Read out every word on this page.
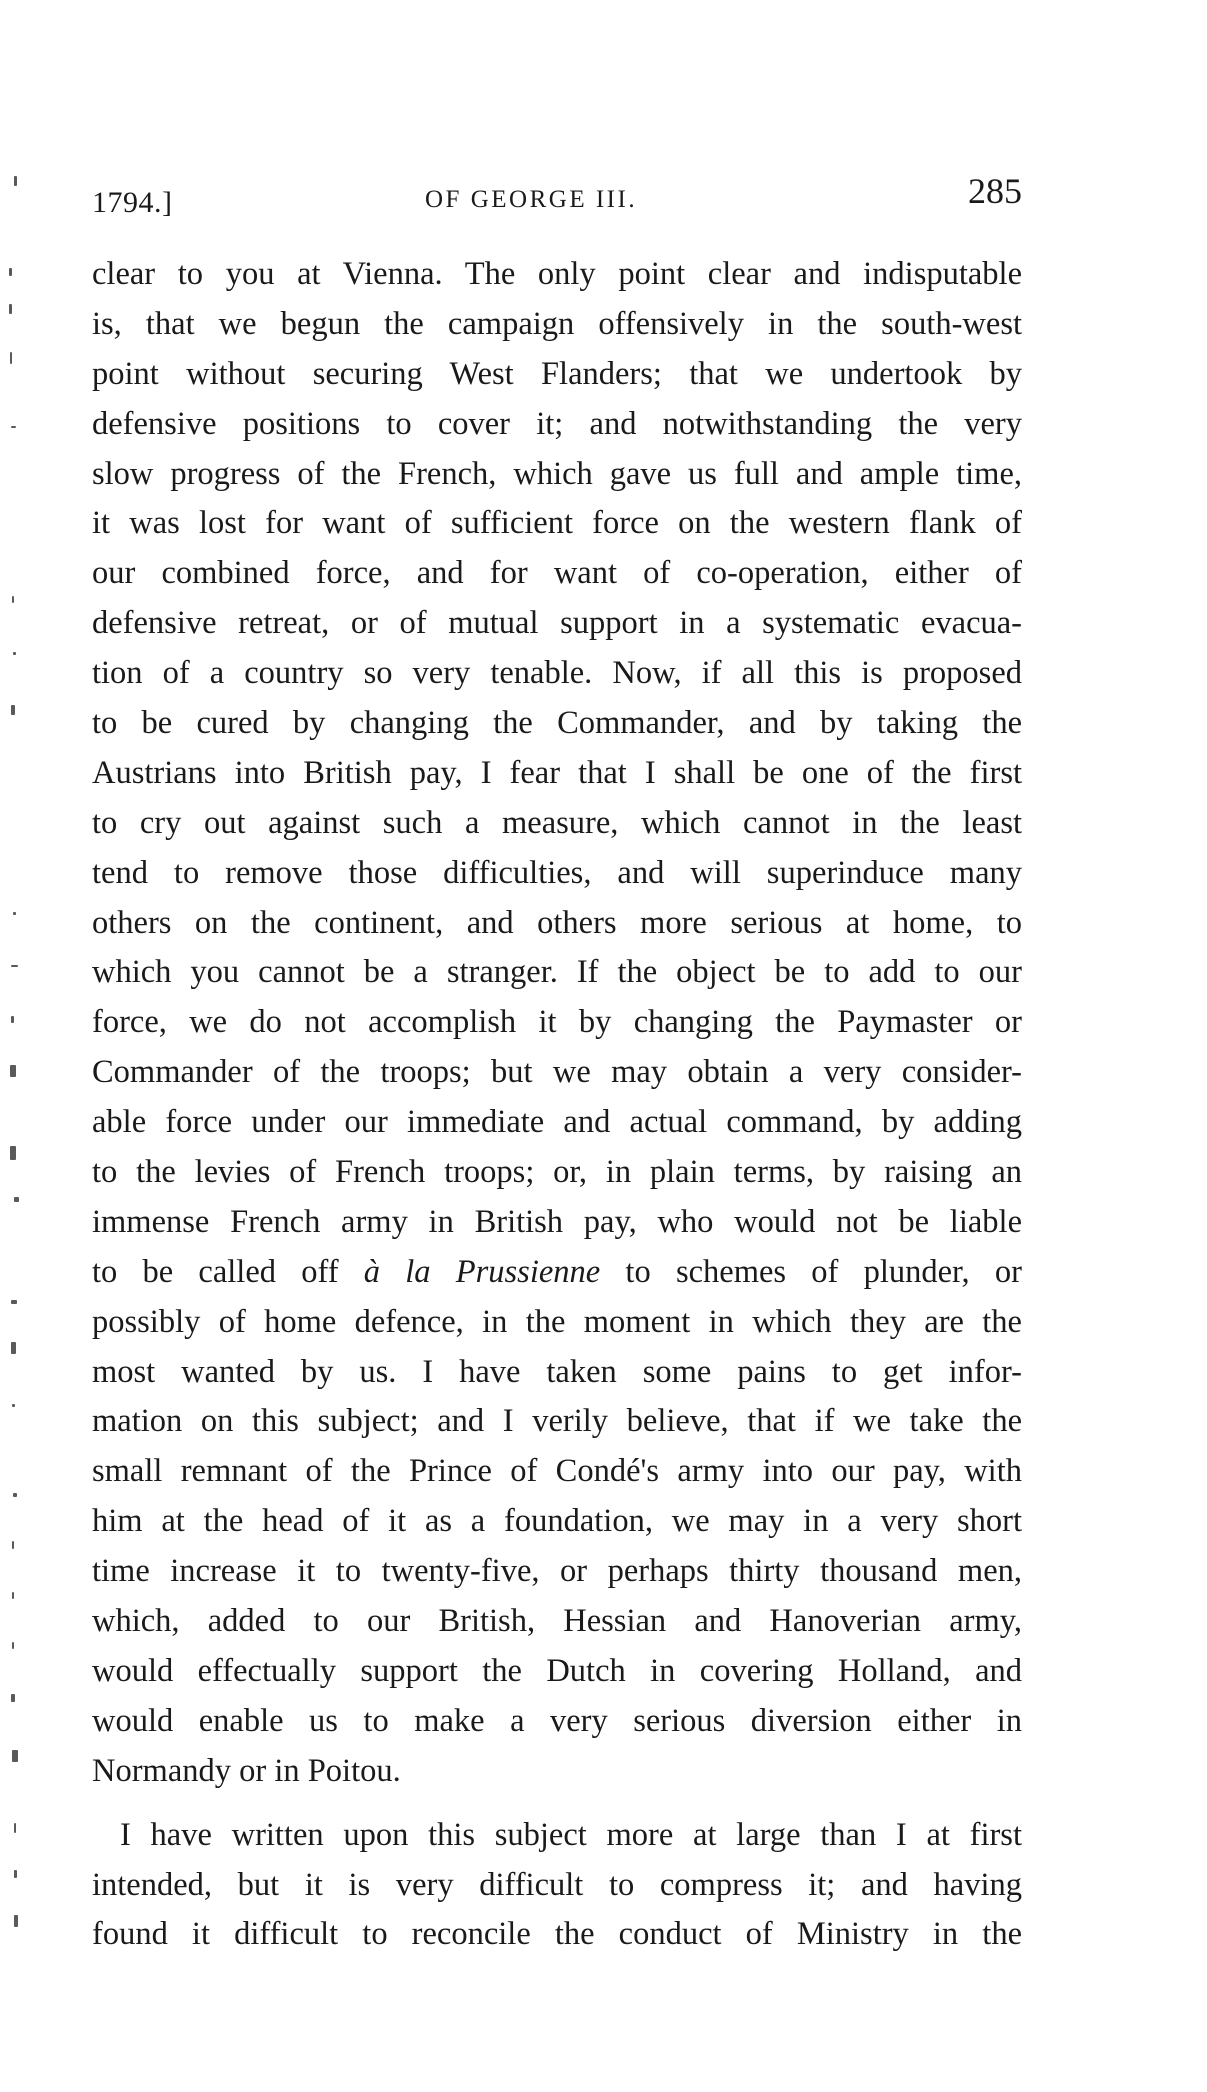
1794.]	OF GEORGE III.	285
clear to you at Vienna. The only point clear and indisputable
is, that we begun the campaign offensively in the south-west
point without securing West Flanders; that we undertook by
defensive positions to cover it; and notwithstanding the very
slow progress of the French, which gave us full and ample time,
it was lost for want of sufficient force on the western flank of
our combined force, and for want of co-operation, either of
defensive retreat, or of mutual support in a systematic evacua-
tion of a country so very tenable. Now, if all this is proposed
to be cured by changing the Commander, and by taking the
Austrians into British pay, I fear that I shall be one of the first
to cry out against such a measure, which cannot in the least
tend to remove those difficulties, and will superinduce many
others on the continent, and others more serious at home, to
which you cannot be a stranger. If the object be to add to our
force, we do not accomplish it by changing the Paymaster or
Commander of the troops; but we may obtain a very consider-
able force under our immediate and actual command, by adding
to the levies of French troops; or, in plain terms, by raising an
immense French army in British pay, who would not be liable
to be called off à la Prussienne to schemes of plunder, or
possibly of home defence, in the moment in which they are the
most wanted by us. I have taken some pains to get infor-
mation on this subject; and I verily believe, that if we take the
small remnant of the Prince of Condé's army into our pay, with
him at the head of it as a foundation, we may in a very short
time increase it to twenty-five, or perhaps thirty thousand men,
which, added to our British, Hessian and Hanoverian army,
would effectually support the Dutch in covering Holland, and
would enable us to make a very serious diversion either in
Normandy or in Poitou.
I have written upon this subject more at large than I at first
intended, but it is very difficult to compress it; and having
found it difficult to reconcile the conduct of Ministry in the
